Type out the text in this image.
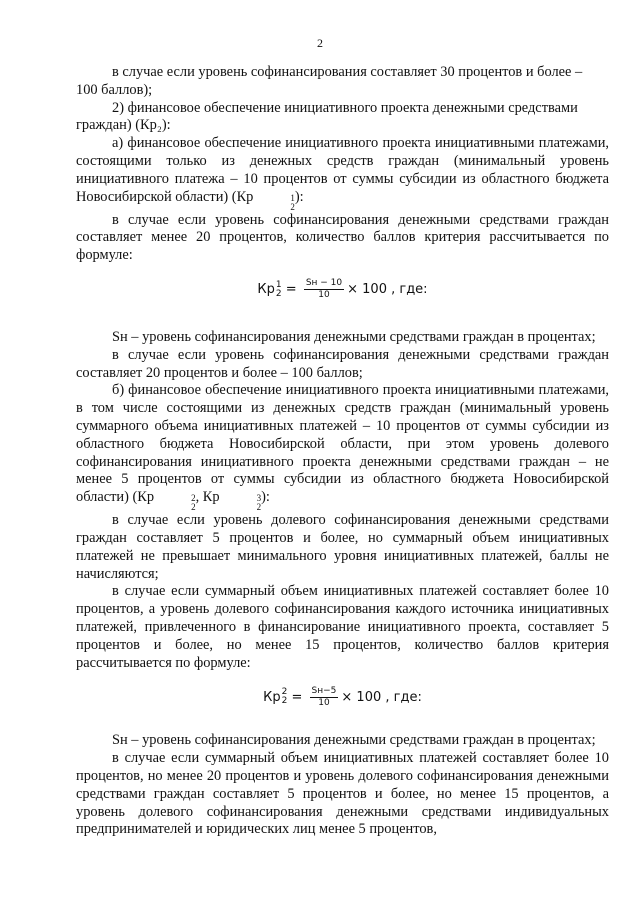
2

в случае если уровень софинансирования составляет 30 процентов и более –

100 баллов);

2) финансовое обеспечение инициативного проекта денежными средствами

граждан) (Кр₂):

а) финансовое обеспечение инициативного проекта инициативными платежами, состоящими только из денежных средств граждан (минимальный уровень инициативного платежа – 10 процентов от суммы субсидии из областного бюджета Новосибирской области) (Кр	1
2
):

в случае если уровень софинансирования денежными средствами граждан составляет менее 20 процентов, количество баллов критерия рассчитывается по формуле:

Кр 1
$2 = \frac{Sн - 10}{10} \times 100$ , где:

Sн – уровень софинансирования денежными средствами граждан в процентах;

в случае если уровень софинансирования денежными средствами граждан составляет 20 процентов и более – 100 баллов;

б) финансовое обеспечение инициативного проекта инициативными платежами, в том числе состоящими из денежных средств граждан (минимальный уровень суммарного объема инициативных платежей – 10 процентов от суммы субсидии из областного бюджета Новосибирской области, при этом уровень долевого софинансирования инициативного проекта денежными средствами граждан – не менее 5 процентов от суммы субсидии из областного бюджета Новосибирской области) (Кр	2
2
, Кр	3
2
):

в случае если уровень долевого софинансирования денежными средствами граждан составляет 5 процентов и более, но суммарный объем инициативных платежей не превышает минимального уровня инициативных платежей, баллы не начисляются;

в случае если суммарный объем инициативных платежей составляет более 10 процентов, а уровень долевого софинансирования каждого источника инициативных платежей, привлеченного в финансирование инициативного проекта, составляет 5 процентов и более, но менее 15 процентов, количество баллов критерия рассчитывается по формуле:

Кр 2
$2 = \frac{Sн-5}{10} \times 100$ , где:

Sн – уровень софинансирования денежными средствами граждан в процентах;

в случае если суммарный объем инициативных платежей составляет более 10 процентов, но менее 20 процентов и уровень долевого софинансирования денежными средствами граждан составляет 5 процентов и более, но менее 15 процентов, а уровень долевого софинансирования денежными средствами индивидуальных предпринимателей и юридических лиц менее 5 процентов,
